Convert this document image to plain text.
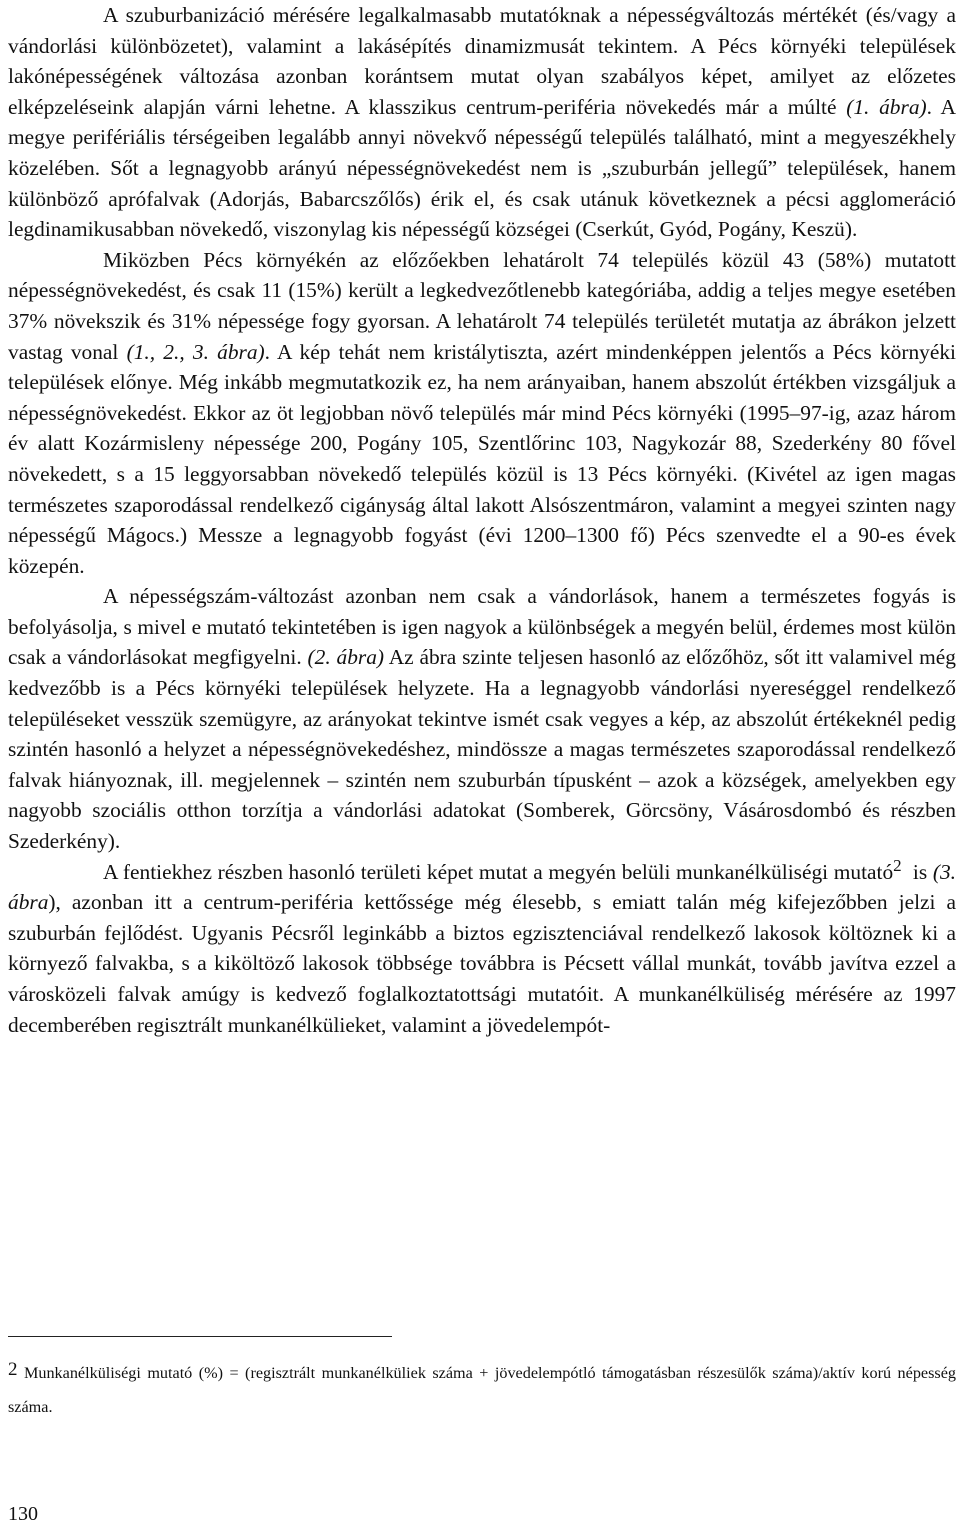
A szuburbanizáció mérésére legalkalmasabb mutatóknak a népességváltozás mértékét (és/vagy a vándorlási különbözetet), valamint a lakásépítés dinamizmusát tekintem. A Pécs környéki települések lakónépességének változása azonban korántsem mutat olyan szabályos képet, amilyet az előzetes elképzeléseink alapján várni lehetne. A klasszikus centrum-periféria növekedés már a múlté (1. ábra). A megye perifériális térségeiben legalább annyi növekvő népességű település található, mint a megyeszékhely közelében. Sőt a legnagyobb arányú népességnövekedést nem is „szuburbán jellegű” települések, hanem különböző aprófalvak (Adorjás, Babarcszőlős) érik el, és csak utánuk következnek a pécsi agglomeráció legdinamikusabban növekedő, viszonylag kis népességű községei (Cserkút, Gyód, Pogány, Keszü).

Miközben Pécs környékén az előzőekben lehatárolt 74 település közül 43 (58%) mutatott népességnövekedést, és csak 11 (15%) került a legkedvezőtlenebb kategóriába, addig a teljes megye esetében 37% növekszik és 31% népessége fogy gyorsan. A lehatárolt 74 település területét mutatja az ábrákon jelzett vastag vonal (1., 2., 3. ábra). A kép tehát nem kristálytiszta, azért mindenképpen jelentős a Pécs környéki települések előnye. Még inkább megmutatkozik ez, ha nem arányaiban, hanem abszolút értékben vizsgáljuk a népességnövekedést. Ekkor az öt legjobban növő település már mind Pécs környéki (1995–97-ig, azaz három év alatt Kozármisleny népessége 200, Pogány 105, Szentlőrinc 103, Nagykozár 88, Szederkény 80 fővel növekedett, s a 15 leggyorsabban növekedő település közül is 13 Pécs környéki. (Kivétel az igen magas természetes szaporodással rendelkező cigányság által lakott Alsószentmáron, valamint a megyei szinten nagy népességű Mágocs.) Messze a legnagyobb fogyást (évi 1200–1300 fő) Pécs szenvedte el a 90-es évek közepén.

A népességszám-változást azonban nem csak a vándorlások, hanem a természetes fogyás is befolyásolja, s mivel e mutató tekintetében is igen nagyok a különbségek a megyén belül, érdemes most külön csak a vándorlásokat megfigyelni. (2. ábra) Az ábra szinte teljesen hasonló az előzőhöz, sőt itt valamivel még kedvezőbb is a Pécs környéki települések helyzete. Ha a legnagyobb vándorlási nyereséggel rendelkező településeket vesszük szemügyre, az arányokat tekintve ismét csak vegyes a kép, az abszolút értékeknél pedig szintén hasonló a helyzet a népességnövekedéshez, mindössze a magas természetes szaporodással rendelkező falvak hiányoznak, ill. megjelennek – szintén nem szuburbán típusként – azok a községek, amelyekben egy nagyobb szociális otthon torzítja a vándorlási adatokat (Somberek, Görcsöny, Vásárosdombó és részben Szederkény).

A fentiekhez részben hasonló területi képet mutat a megyén belüli munkanélküliségi mutató$^2$  is (3. ábra), azonban itt a centrum-periféria kettőssége még élesebb, s emiatt talán még kifejezőbben jelzi a szuburbán fejlődést. Ugyanis Pécsről leginkább a biztos egzisztenciával rendelkező lakosok költöznek ki a környező falvakba, s a kiköltöző lakosok többsége továbbra is Pécsett vállal munkát, tovább javítva ezzel a városközeli falvak amúgy is kedvező foglalkoztatottsági mutatóit. A munkanélküliség mérésére az 1997 decemberében regisztrált munkanélkülieket, valamint a jövedelempót-

2 Munkanélküliségi mutató (%) = (regisztrált munkanélküliek száma + jövedelempótló támogatásban részesülők száma)/aktív korú népesség száma.
130
